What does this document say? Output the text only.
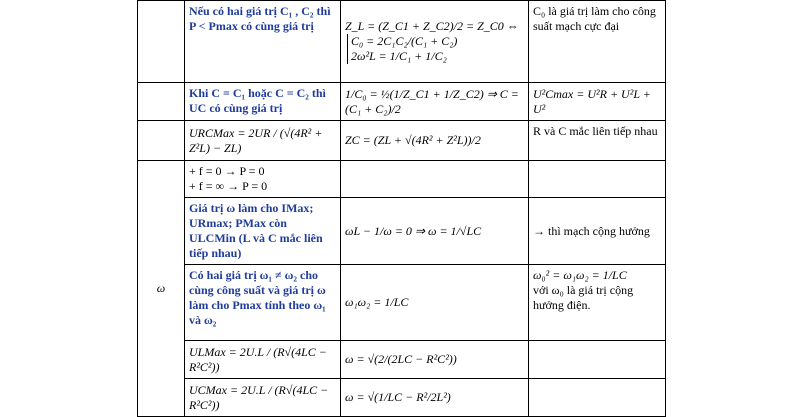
	Nếu có hai giá trị C₁ , C₂ thì P < Pmax có cùng giá trị	Z_L = (Z_C1 + Z_C2)/2 = Z_C0 ⇔
C₀ = 2C₁C₂/(C₁ + C₂)
2ω²L = 1/C₁ + 1/C₂	C₀ là giá trị làm cho công suất mạch cực đại
	Khi C = C₁ hoặc C = C₂ thì UC có cùng giá trị	1/C₀ = ½(1/Z_C1 + 1/Z_C2) ⇒ C = (C₁ + C₂)/2	U²Cmax = U²R + U²L + U²
	URCMax = 2UR / (√(4R² + Z²L) − ZL)	ZC = (ZL + √(4R² + Z²L))/2	R và C mắc liên tiếp nhau
ω	+ f = 0 → P = 0
+ f = ∞ → P = 0		

	Giá trị ω làm cho IMax; URmax; PMax còn ULCMin (L và C mắc liên tiếp nhau)	ωL − 1/ω = 0 ⇒ ω = 1/√LC	→ thì mạch cộng hưởng
	Có hai giá trị ω₁ ≠ ω₂ cho cùng công suất và giá trị ω làm cho Pmax tính theo ω₁ và ω₂	ω₁ω₂ = 1/LC	ω₀² = ω₁ω₂ = 1/LC
với ω₀ là giá trị cộng hưởng điện.
	ULMax = 2U.L / (R√(4LC − R²C²))	ω = √(2/(2LC − R²C²))	
	UCMax = 2U.L / (R√(4LC − R²C²))	ω = √(1/LC − R²/2L²)	
